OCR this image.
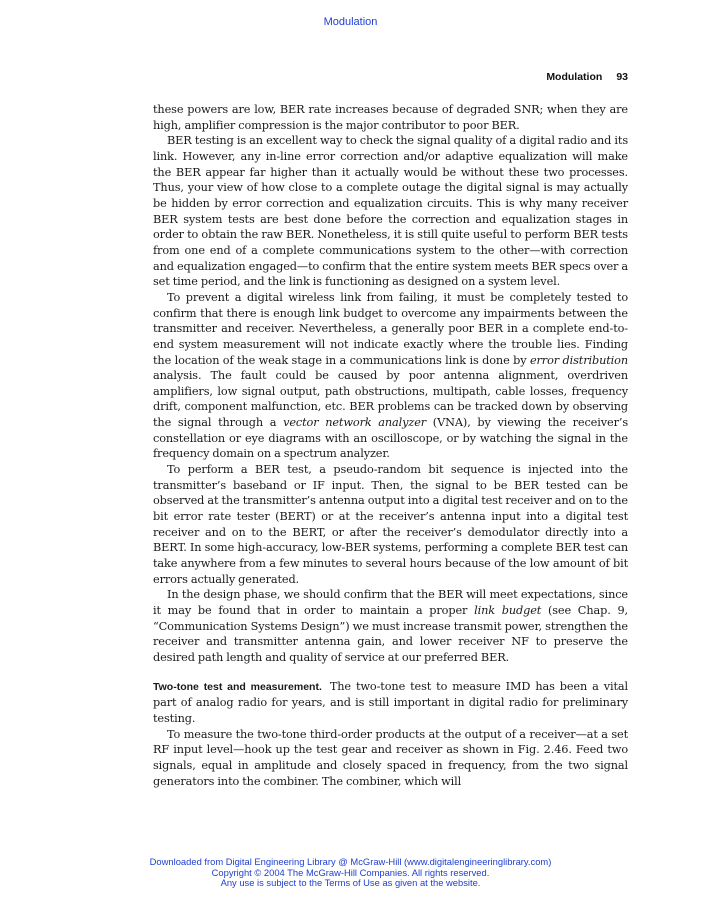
Modulation
Modulation 93

these powers are low, BER rate increases because of degraded SNR; when they are high, amplifier compression is the major contributor to poor BER.

BER testing is an excellent way to check the signal quality of a digital radio and its link. However, any in-line error correction and/or adaptive equalization will make the BER appear far higher than it actually would be without these two processes. Thus, your view of how close to a complete outage the digital signal is may actually be hidden by error correction and equalization circuits. This is why many receiver BER system tests are best done before the correction and equalization stages in order to obtain the raw BER. Nonetheless, it is still quite useful to perform BER tests from one end of a complete communications system to the other—with correction and equalization engaged—to confirm that the entire system meets BER specs over a set time period, and the link is functioning as designed on a system level.

To prevent a digital wireless link from failing, it must be completely tested to confirm that there is enough link budget to overcome any impairments between the transmitter and receiver. Nevertheless, a generally poor BER in a complete end-to-end system measurement will not indicate exactly where the trouble lies. Finding the location of the weak stage in a communications link is done by error distribution analysis. The fault could be caused by poor antenna alignment, overdriven amplifiers, low signal output, path obstructions, multipath, cable losses, frequency drift, component malfunction, etc. BER problems can be tracked down by observing the signal through a vector network analyzer (VNA), by viewing the receiver’s constellation or eye diagrams with an oscilloscope, or by watching the signal in the frequency domain on a spectrum analyzer.

To perform a BER test, a pseudo-random bit sequence is injected into the transmitter’s baseband or IF input. Then, the signal to be BER tested can be observed at the transmitter’s antenna output into a digital test receiver and on to the bit error rate tester (BERT) or at the receiver’s antenna input into a digital test receiver and on to the BERT, or after the receiver’s demodulator directly into a BERT. In some high-accuracy, low-BER systems, performing a complete BER test can take anywhere from a few minutes to several hours because of the low amount of bit errors actually generated.

In the design phase, we should confirm that the BER will meet expectations, since it may be found that in order to maintain a proper link budget (see Chap. 9, “Communication Systems Design”) we must increase transmit power, strengthen the receiver and transmitter antenna gain, and lower receiver NF to preserve the desired path length and quality of service at our preferred BER.

Two-tone test and measurement. The two-tone test to measure IMD has been a vital part of analog radio for years, and is still important in digital radio for preliminary testing.

To measure the two-tone third-order products at the output of a receiver—at a set RF input level—hook up the test gear and receiver as shown in Fig. 2.46. Feed two signals, equal in amplitude and closely spaced in frequency, from the two signal generators into the combiner. The combiner, which will

Downloaded from Digital Engineering Library @ McGraw-Hill (www.digitalengineeringlibrary.com)
Copyright © 2004 The McGraw-Hill Companies. All rights reserved.
Any use is subject to the Terms of Use as given at the website.
